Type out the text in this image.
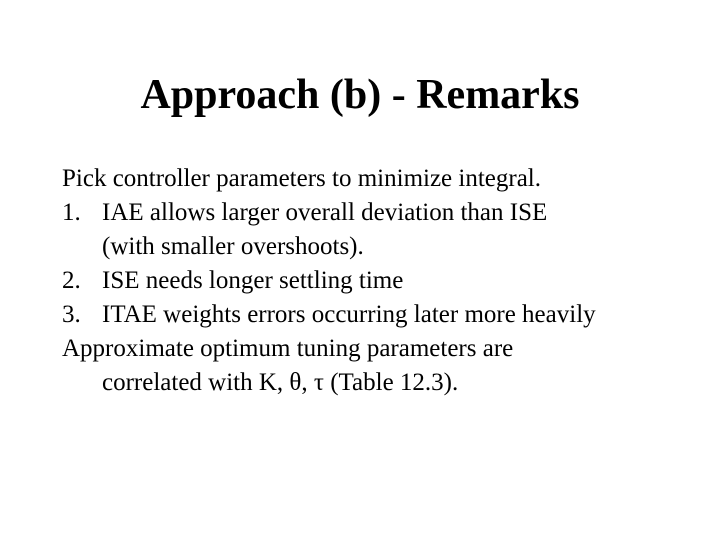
Approach (b) - Remarks
Pick controller parameters to minimize integral.
1. IAE allows larger overall deviation than ISE
(with smaller overshoots).
2. ISE needs longer settling time
3. ITAE weights errors occurring later more heavily
Approximate optimum tuning parameters are
correlated with K, θ, τ (Table 12.3).
